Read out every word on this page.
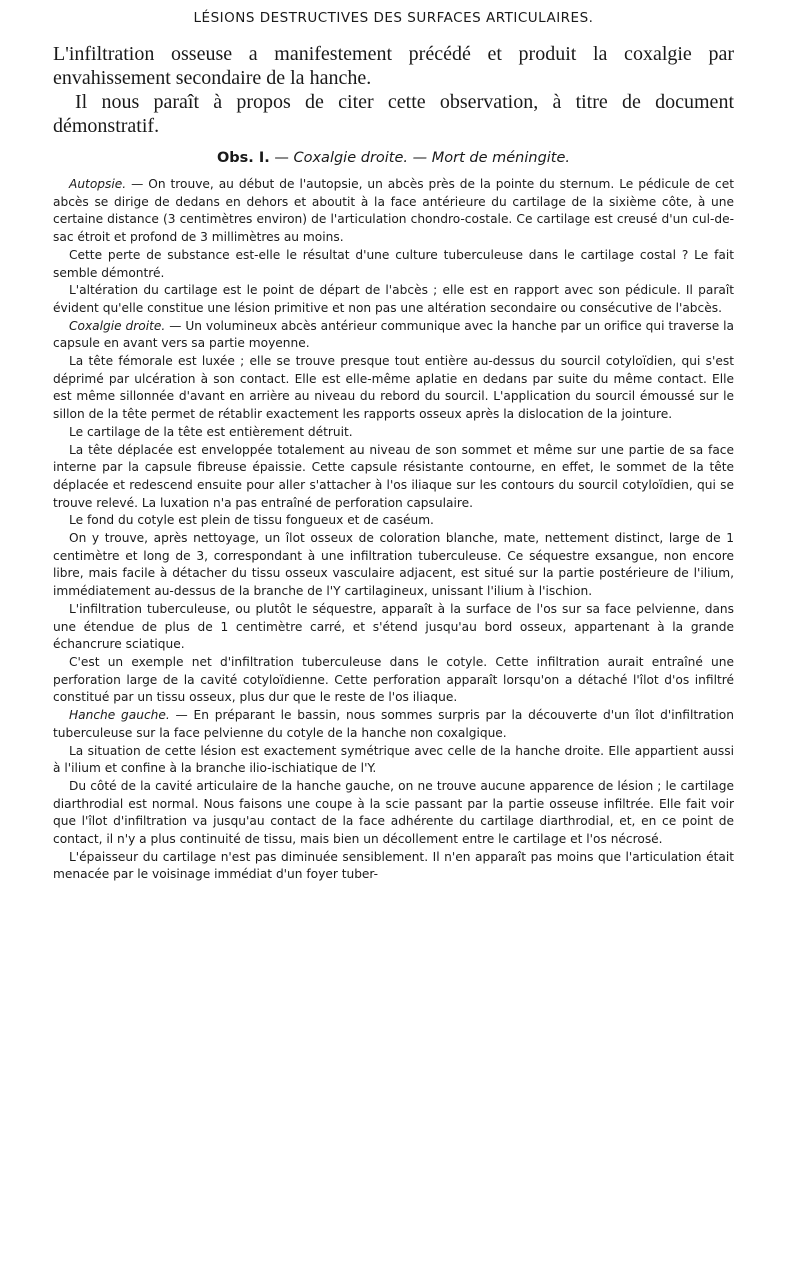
LÉSIONS DESTRUCTIVES DES SURFACES ARTICULAIRES.

L'infiltration osseuse a manifestement précédé et produit la coxalgie par envahissement secondaire de la hanche.

Il nous paraît à propos de citer cette observation, à titre de document démonstratif.

Obs. I. — Coxalgie droite. — Mort de méningite.

Autopsie. — On trouve, au début de l'autopsie, un abcès près de la pointe du sternum. Le pédicule de cet abcès se dirige de dedans en dehors et aboutit à la face antérieure du cartilage de la sixième côte, à une certaine distance (3 centimètres environ) de l'articulation chondro-costale. Ce cartilage est creusé d'un cul-de-sac étroit et profond de 3 millimètres au moins.

Cette perte de substance est-elle le résultat d'une culture tuberculeuse dans le cartilage costal ? Le fait semble démontré.

L'altération du cartilage est le point de départ de l'abcès ; elle est en rapport avec son pédicule. Il paraît évident qu'elle constitue une lésion primitive et non pas une altération secondaire ou consécutive de l'abcès.

Coxalgie droite. — Un volumineux abcès antérieur communique avec la hanche par un orifice qui traverse la capsule en avant vers sa partie moyenne.

La tête fémorale est luxée ; elle se trouve presque tout entière au-dessus du sourcil cotyloïdien, qui s'est déprimé par ulcération à son contact. Elle est elle-même aplatie en dedans par suite du même contact. Elle est même sillonnée d'avant en arrière au niveau du rebord du sourcil. L'application du sourcil émoussé sur le sillon de la tête permet de rétablir exactement les rapports osseux après la dislocation de la jointure.

Le cartilage de la tête est entièrement détruit.

La tête déplacée est enveloppée totalement au niveau de son sommet et même sur une partie de sa face interne par la capsule fibreuse épaissie. Cette capsule résistante contourne, en effet, le sommet de la tête déplacée et redescend ensuite pour aller s'attacher à l'os iliaque sur les contours du sourcil cotyloïdien, qui se trouve relevé. La luxation n'a pas entraîné de perforation capsulaire.

Le fond du cotyle est plein de tissu fongueux et de caséum.

On y trouve, après nettoyage, un îlot osseux de coloration blanche, mate, nettement distinct, large de 1 centimètre et long de 3, correspondant à une infiltration tuberculeuse. Ce séquestre exsangue, non encore libre, mais facile à détacher du tissu osseux vasculaire adjacent, est situé sur la partie postérieure de l'ilium, immédiatement au-dessus de la branche de l'Y cartilagineux, unissant l'ilium à l'ischion.

L'infiltration tuberculeuse, ou plutôt le séquestre, apparaît à la surface de l'os sur sa face pelvienne, dans une étendue de plus de 1 centimètre carré, et s'étend jusqu'au bord osseux, appartenant à la grande échancrure sciatique.

C'est un exemple net d'infiltration tuberculeuse dans le cotyle. Cette infiltration aurait entraîné une perforation large de la cavité cotyloïdienne. Cette perforation apparaît lorsqu'on a détaché l'îlot d'os infiltré constitué par un tissu osseux, plus dur que le reste de l'os iliaque.

Hanche gauche. — En préparant le bassin, nous sommes surpris par la découverte d'un îlot d'infiltration tuberculeuse sur la face pelvienne du cotyle de la hanche non coxalgique.

La situation de cette lésion est exactement symétrique avec celle de la hanche droite. Elle appartient aussi à l'ilium et confine à la branche ilio-ischiatique de l'Y.

Du côté de la cavité articulaire de la hanche gauche, on ne trouve aucune apparence de lésion ; le cartilage diarthrodial est normal. Nous faisons une coupe à la scie passant par la partie osseuse infiltrée. Elle fait voir que l'îlot d'infiltration va jusqu'au contact de la face adhérente du cartilage diarthrodial, et, en ce point de contact, il n'y a plus continuité de tissu, mais bien un décollement entre le cartilage et l'os nécrosé.

L'épaisseur du cartilage n'est pas diminuée sensiblement. Il n'en apparaît pas moins que l'articulation était menacée par le voisinage immédiat d'un foyer tuber-
